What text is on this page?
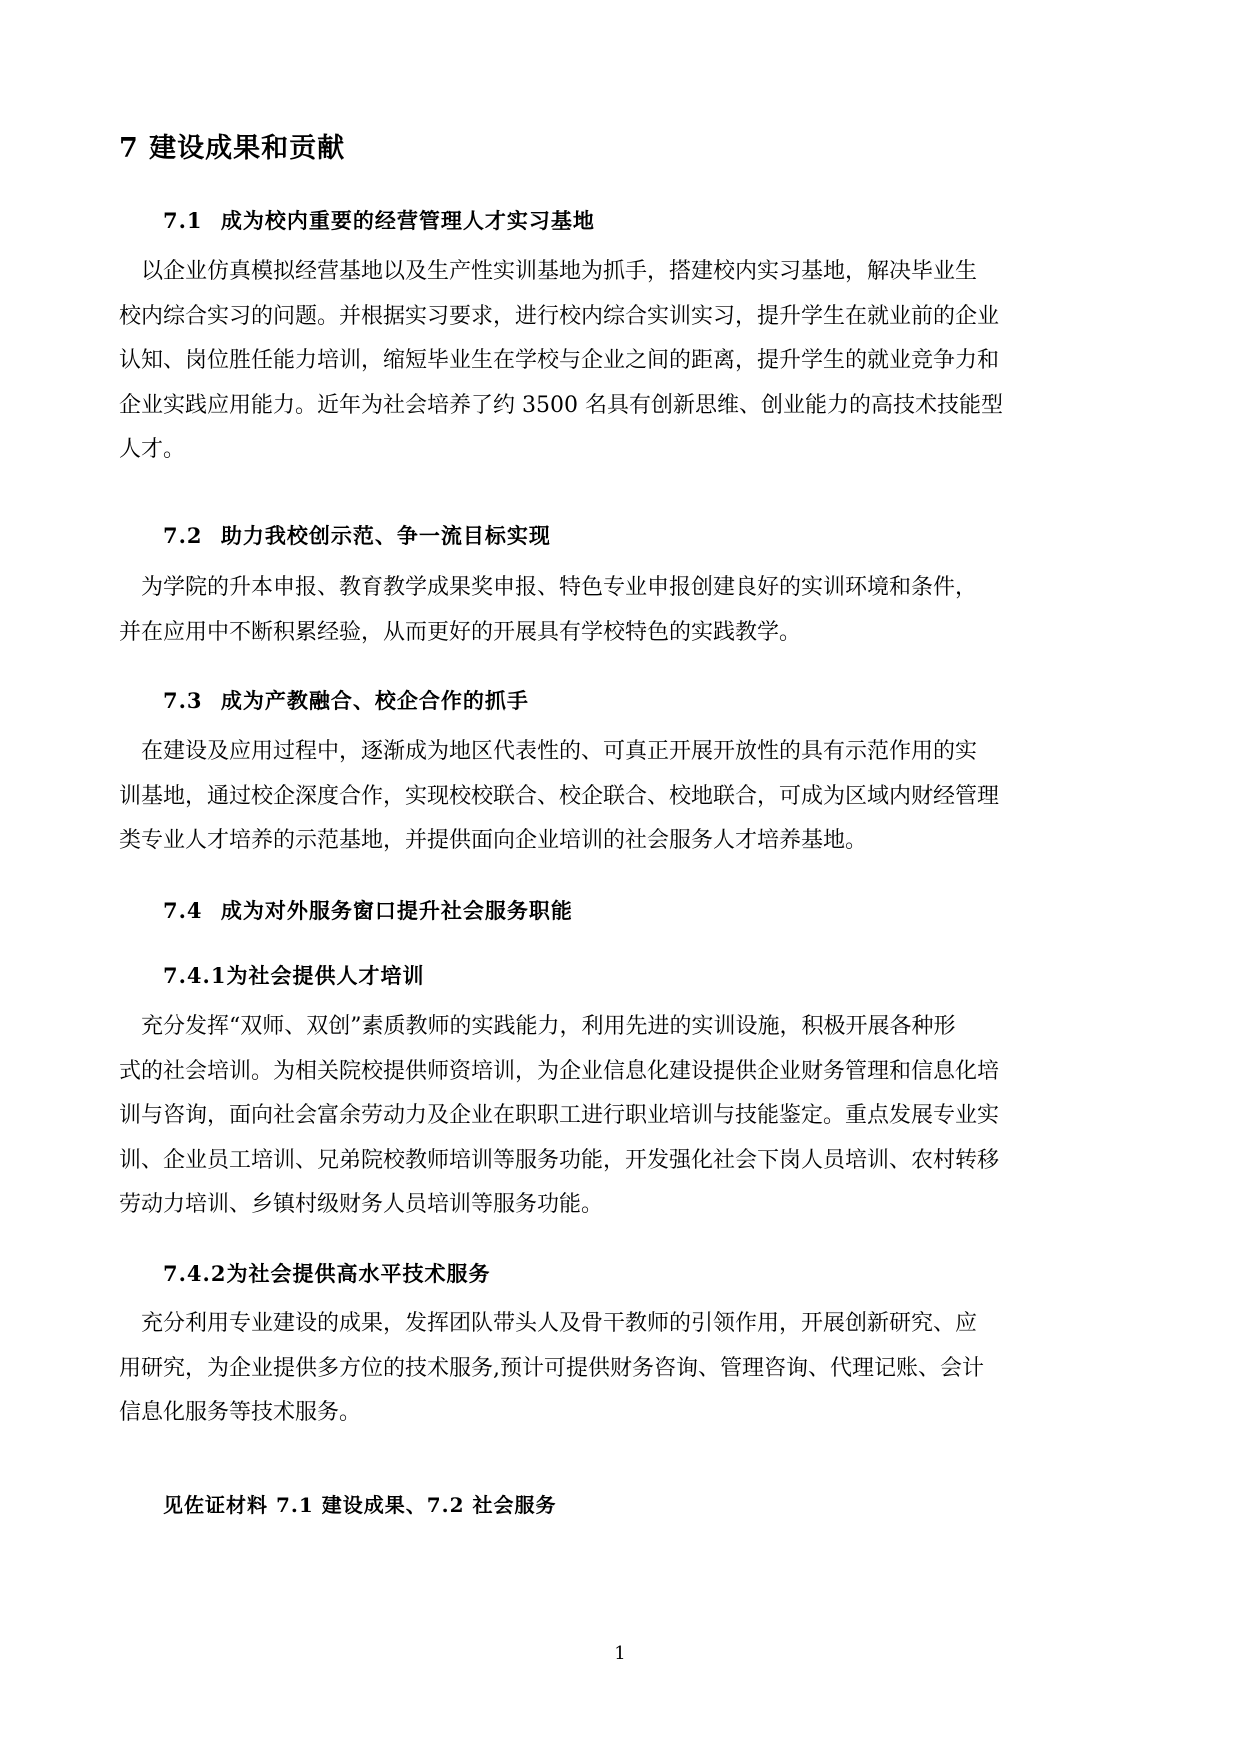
7 建设成果和贡献
7.1 成为校内重要的经营管理人才实习基地
　以企业仿真模拟经营基地以及生产性实训基地为抓手，搭建校内实习基地，解决毕业生
校内综合实习的问题。并根据实习要求，进行校内综合实训实习，提升学生在就业前的企业
认知、岗位胜任能力培训，缩短毕业生在学校与企业之间的距离，提升学生的就业竞争力和
企业实践应用能力。近年为社会培养了约 3500 名具有创新思维、创业能力的高技术技能型
人才。
7.2 助力我校创示范、争一流目标实现
　为学院的升本申报、教育教学成果奖申报、特色专业申报创建良好的实训环境和条件，
并在应用中不断积累经验，从而更好的开展具有学校特色的实践教学。
7.3 成为产教融合、校企合作的抓手
　在建设及应用过程中，逐渐成为地区代表性的、可真正开展开放性的具有示范作用的实
训基地，通过校企深度合作，实现校校联合、校企联合、校地联合，可成为区域内财经管理
类专业人才培养的示范基地，并提供面向企业培训的社会服务人才培养基地。
7.4 成为对外服务窗口提升社会服务职能
7.4.1为社会提供人才培训
　充分发挥“双师、双创”素质教师的实践能力，利用先进的实训设施，积极开展各种形
式的社会培训。为相关院校提供师资培训，为企业信息化建设提供企业财务管理和信息化培
训与咨询，面向社会富余劳动力及企业在职职工进行职业培训与技能鉴定。重点发展专业实
训、企业员工培训、兄弟院校教师培训等服务功能，开发强化社会下岗人员培训、农村转移
劳动力培训、乡镇村级财务人员培训等服务功能。
7.4.2为社会提供高水平技术服务
　充分利用专业建设的成果，发挥团队带头人及骨干教师的引领作用，开展创新研究、应
用研究，为企业提供多方位的技术服务,预计可提供财务咨询、管理咨询、代理记账、会计
信息化服务等技术服务。

见佐证材料 7.1 建设成果、7.2 社会服务

1
